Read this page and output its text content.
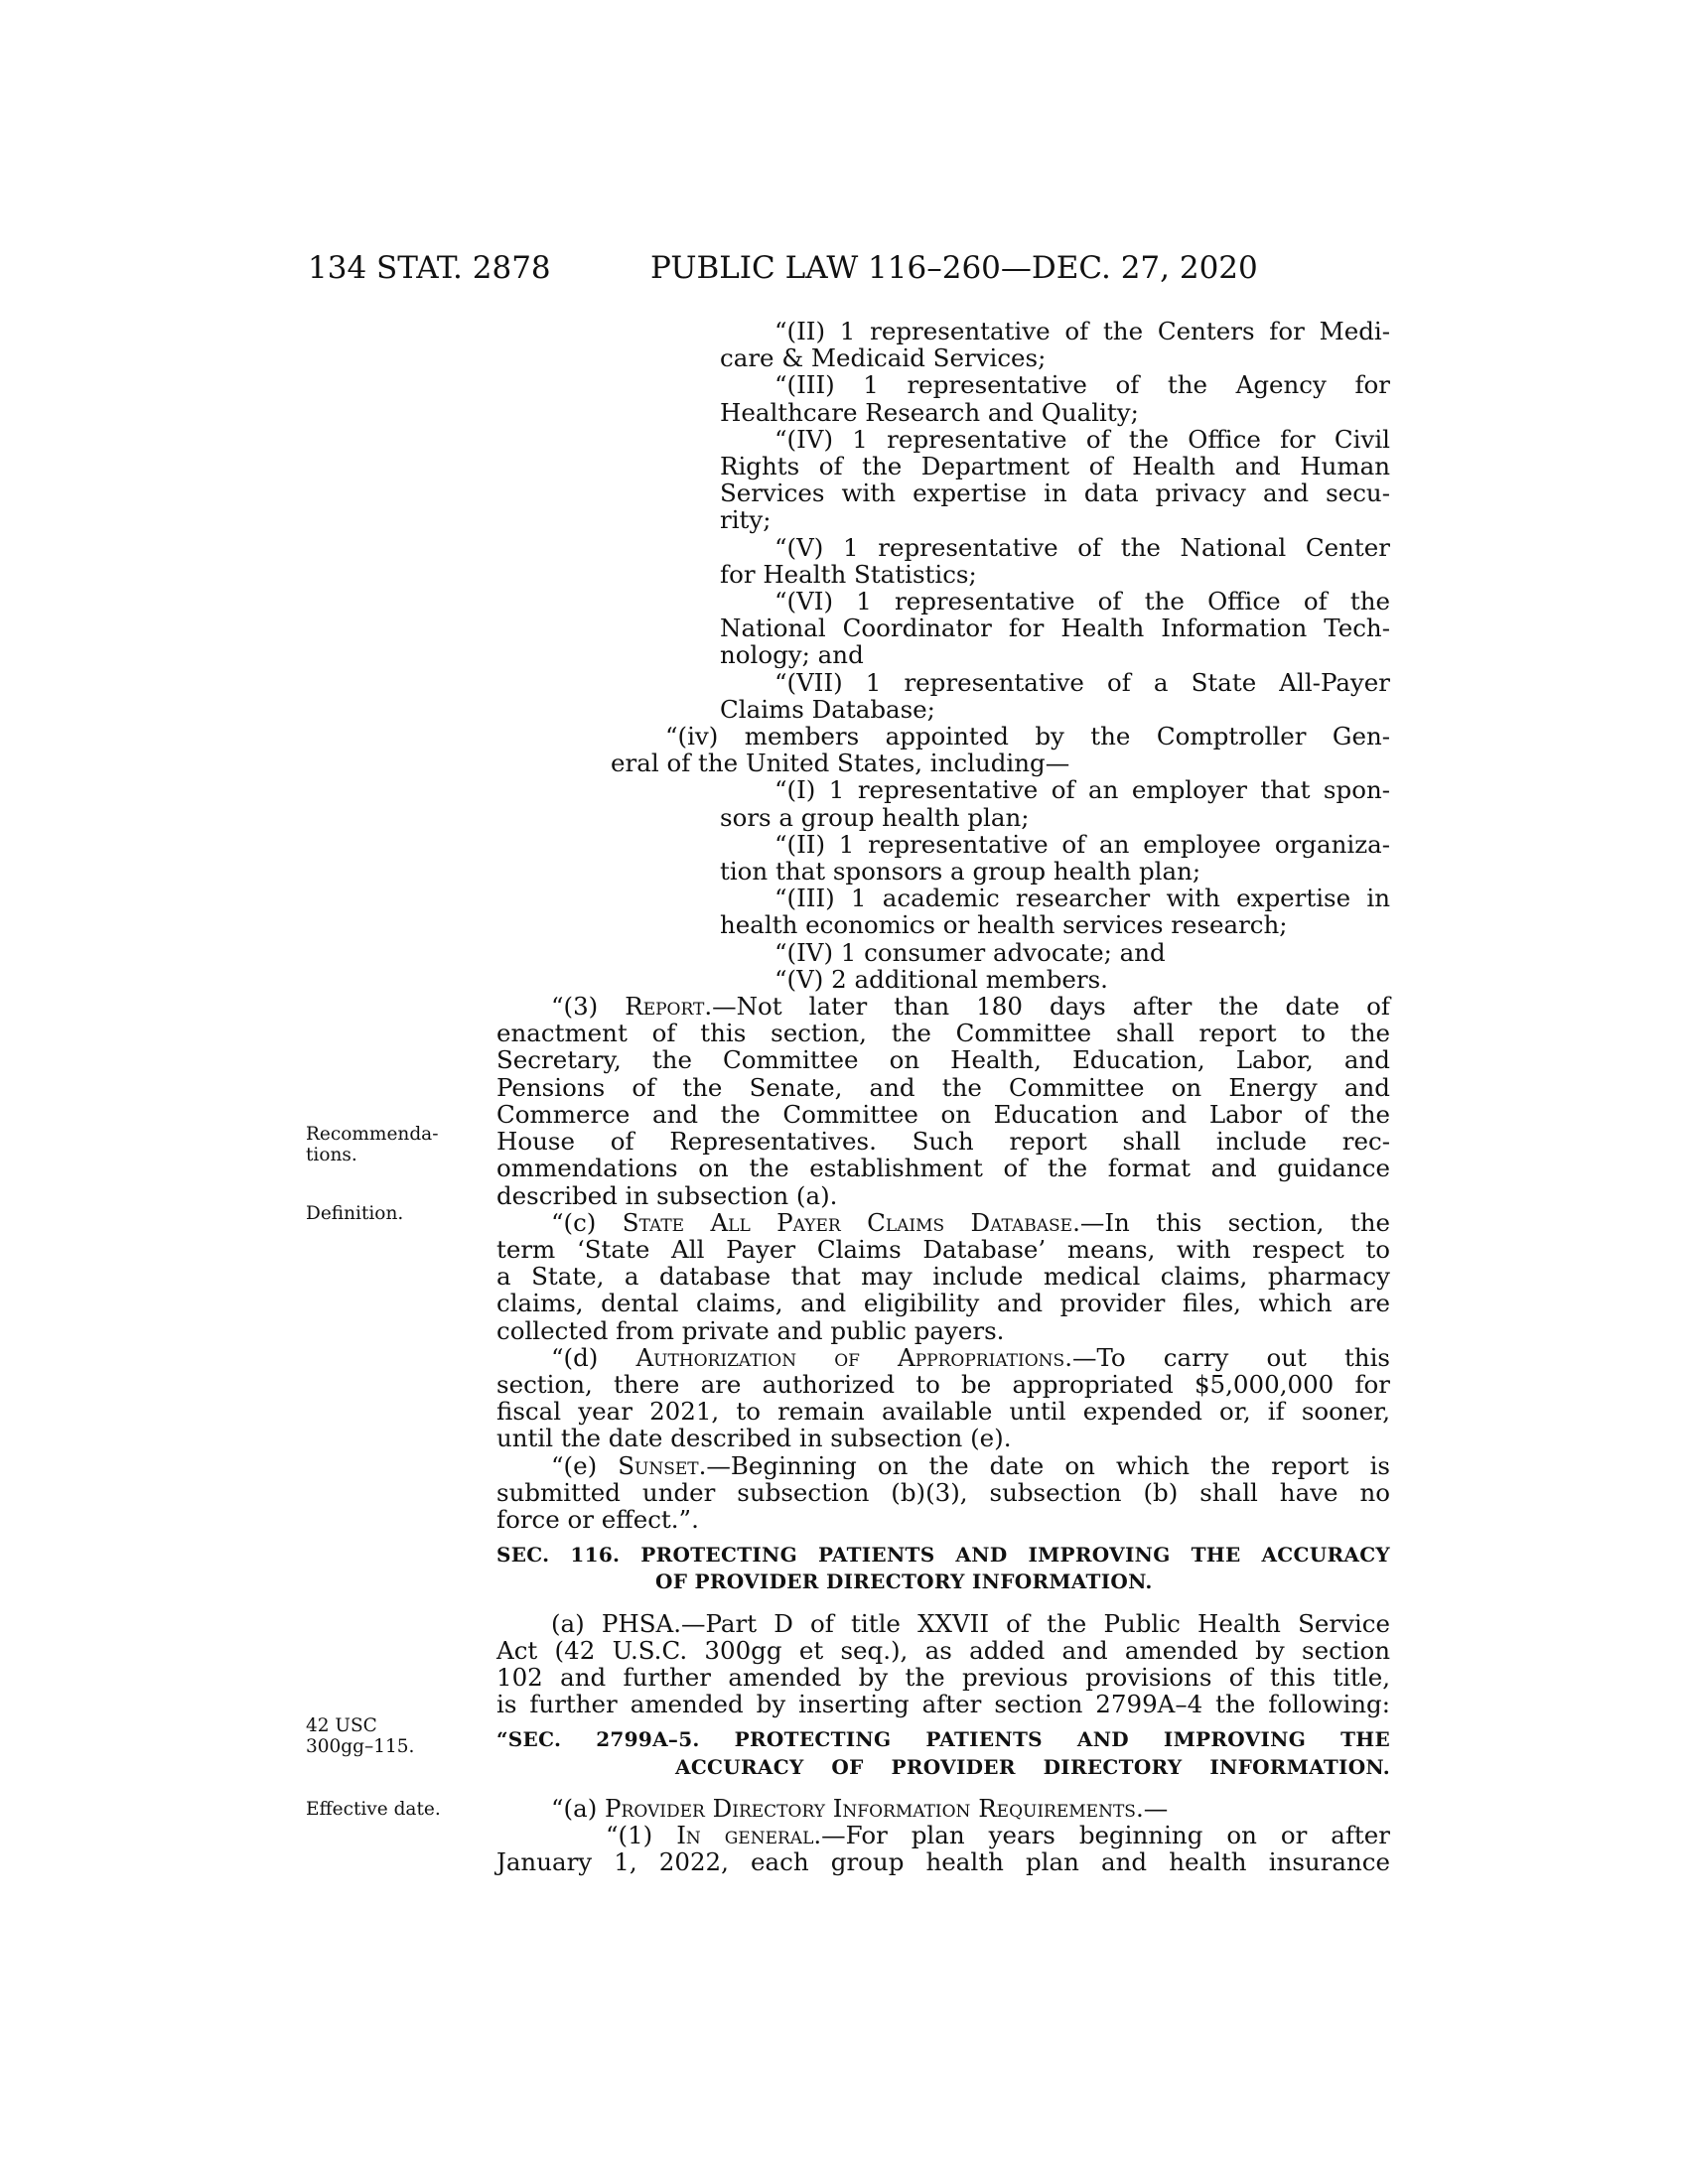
134 STAT. 2878	PUBLIC LAW 116–260—DEC. 27, 2020
Recommenda-
tions.
Definition.
42 USC
300gg–115.
Effective date.

“(II) 1 representative of the Centers for Medi-

care & Medicaid Services;

“(III) 1 representative of the Agency for

Healthcare Research and Quality;

“(IV) 1 representative of the Office for Civil

Rights of the Department of Health and Human

Services with expertise in data privacy and secu-

rity;

“(V) 1 representative of the National Center

for Health Statistics;

“(VI) 1 representative of the Office of the

National Coordinator for Health Information Tech-

nology; and

“(VII) 1 representative of a State All-Payer

Claims Database;

“(iv) members appointed by the Comptroller Gen-

eral of the United States, including—

“(I) 1 representative of an employer that spon-

sors a group health plan;

“(II) 1 representative of an employee organiza-

tion that sponsors a group health plan;

“(III) 1 academic researcher with expertise in

health economics or health services research;

“(IV) 1 consumer advocate; and

“(V) 2 additional members.

“(3) Report.—Not later than 180 days after the date of

enactment of this section, the Committee shall report to the

Secretary, the Committee on Health, Education, Labor, and

Pensions of the Senate, and the Committee on Energy and

Commerce and the Committee on Education and Labor of the

House of Representatives. Such report shall include rec-

ommendations on the establishment of the format and guidance

described in subsection (a).

“(c) State All Payer Claims Database.—In this section, the

term ‘State All Payer Claims Database’ means, with respect to

a State, a database that may include medical claims, pharmacy

claims, dental claims, and eligibility and provider files, which are

collected from private and public payers.

“(d) Authorization of Appropriations.—To carry out this

section, there are authorized to be appropriated $5,000,000 for

fiscal year 2021, to remain available until expended or, if sooner,

until the date described in subsection (e).

“(e) Sunset.—Beginning on the date on which the report is

submitted under subsection (b)(3), subsection (b) shall have no

force or effect.”.

SEC. 116. PROTECTING PATIENTS AND IMPROVING THE ACCURACY

OF PROVIDER DIRECTORY INFORMATION.

(a) PHSA.—Part D of title XXVII of the Public Health Service

Act (42 U.S.C. 300gg et seq.), as added and amended by section

102 and further amended by the previous provisions of this title,

is further amended by inserting after section 2799A–4 the following:

“SEC. 2799A–5. PROTECTING PATIENTS AND IMPROVING THE

ACCURACY OF PROVIDER DIRECTORY INFORMATION.

“(a) Provider Directory Information Requirements.—

“(1) In general.—For plan years beginning on or after

January 1, 2022, each group health plan and health insurance
